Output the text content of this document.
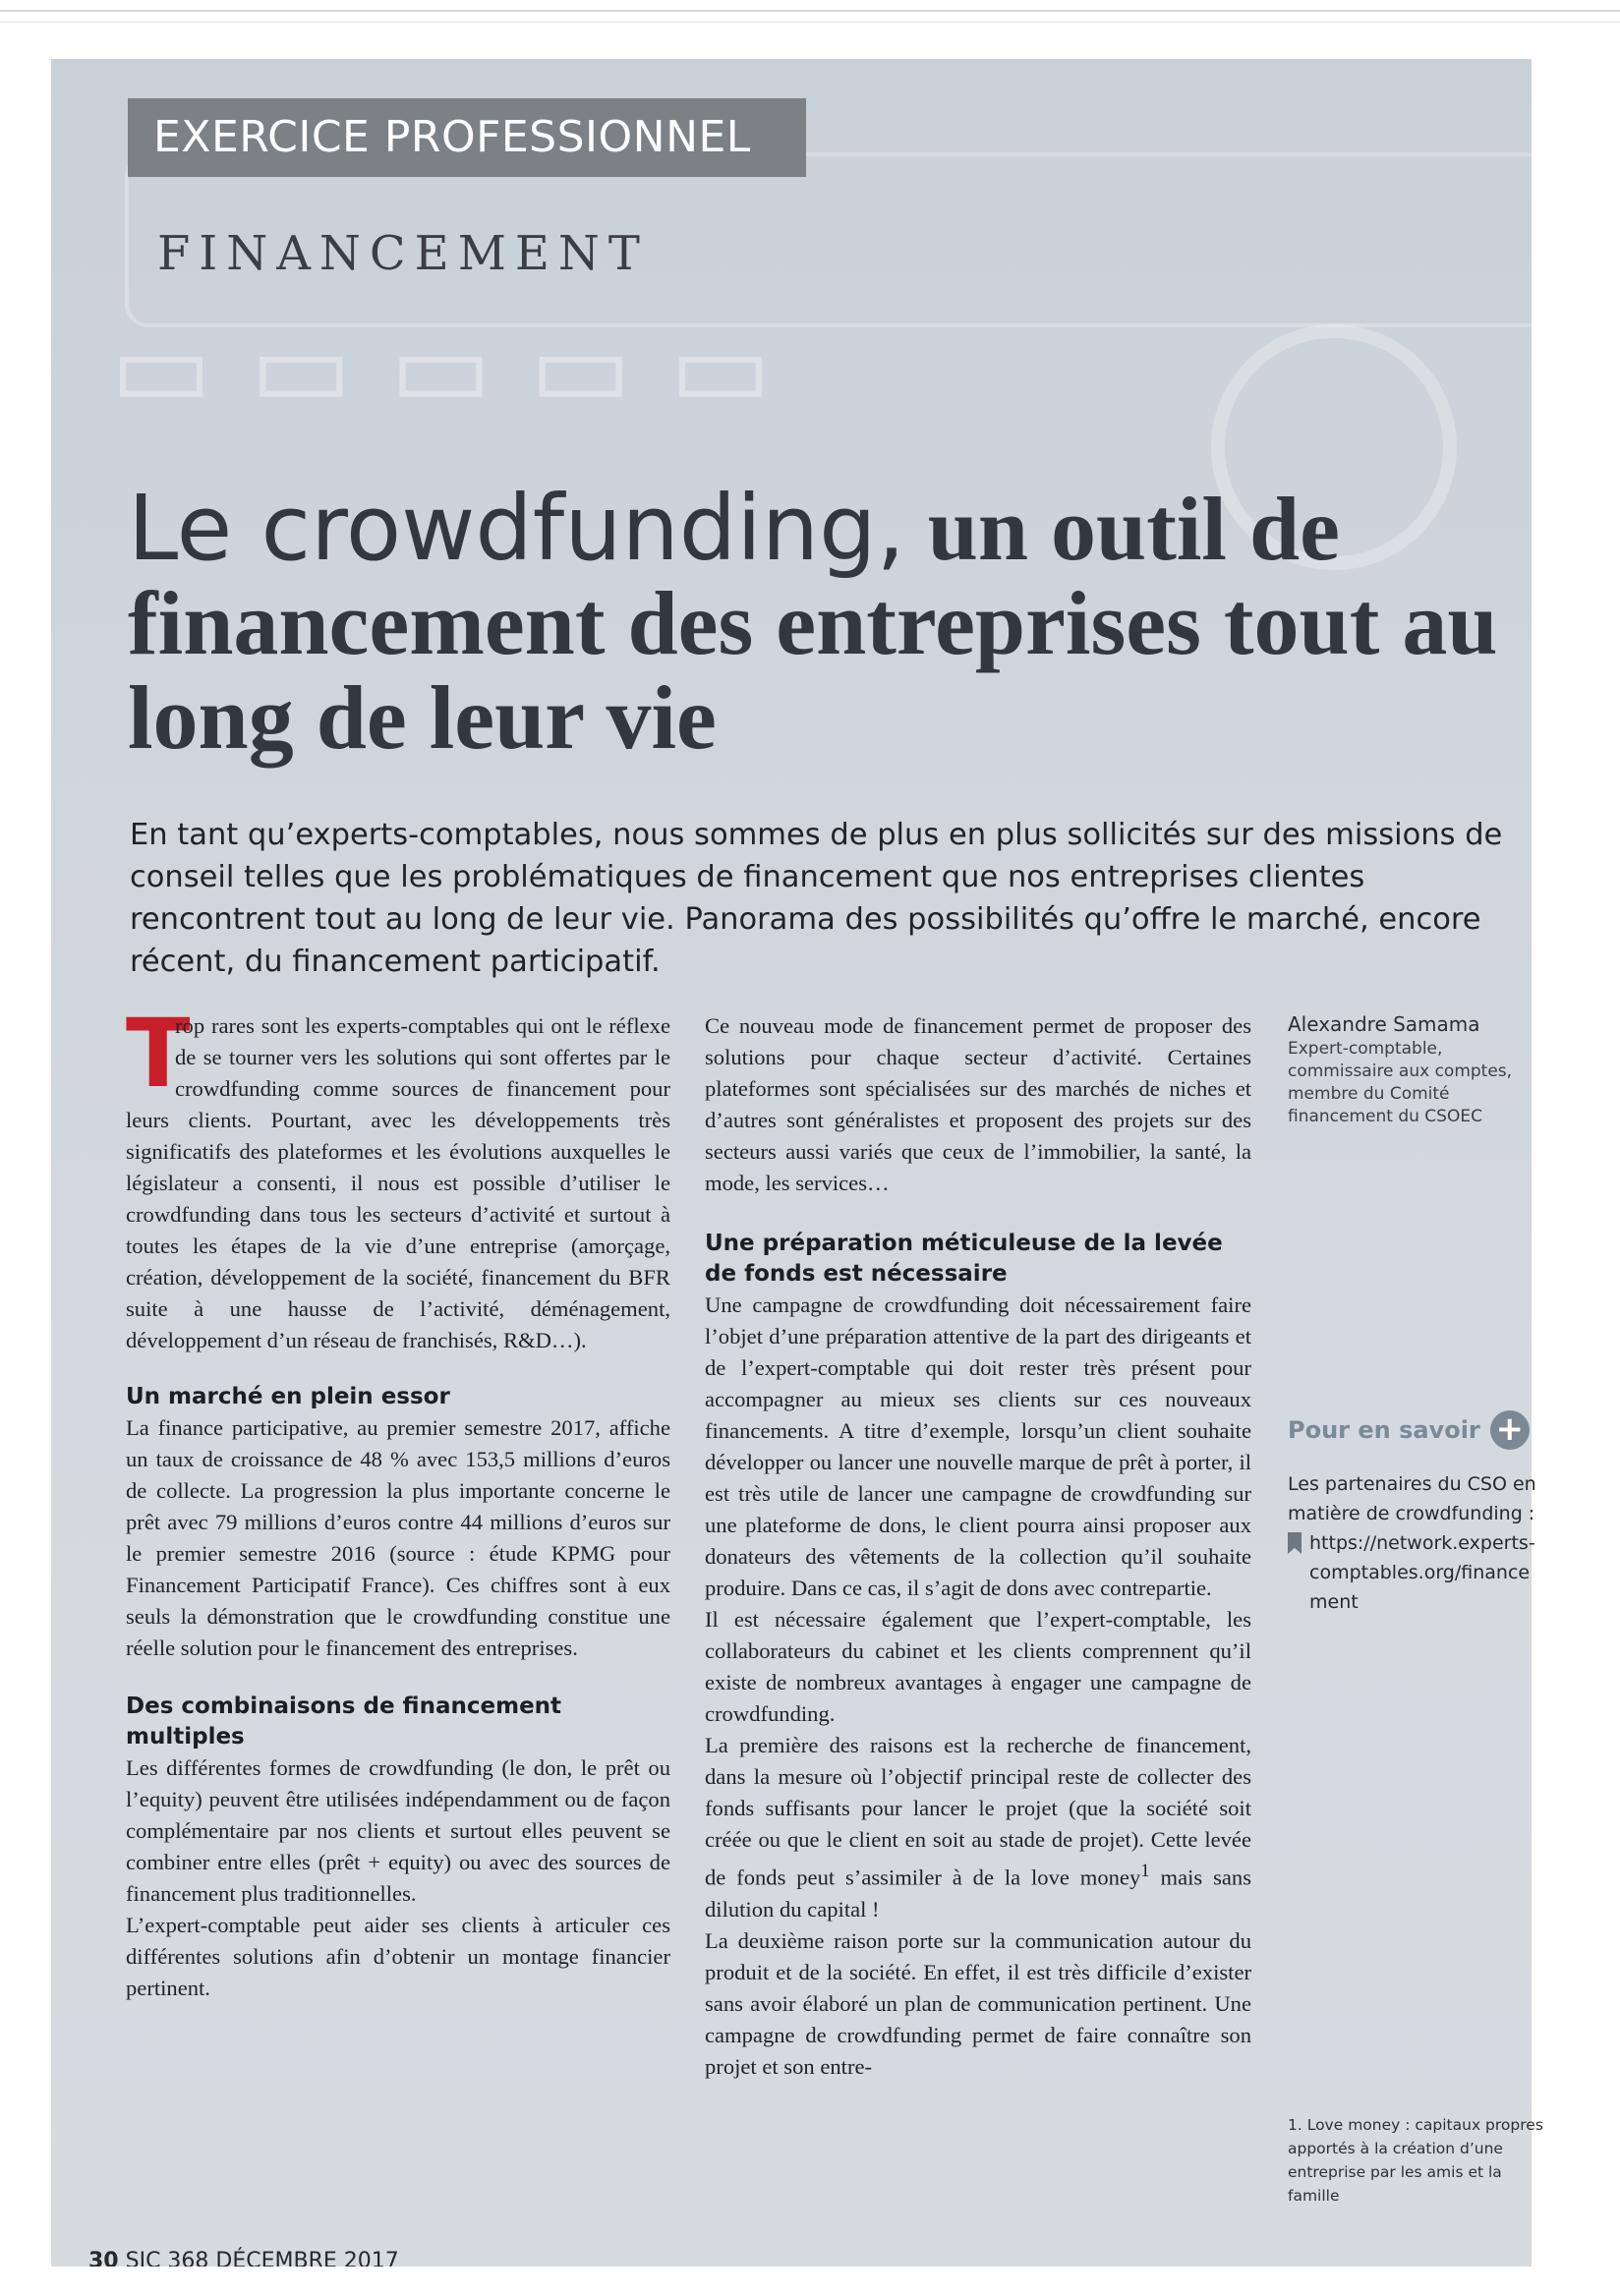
▭ ▭ ▭ ▭ ▭
EXERCICE PROFESSIONNEL
FINANCEMENT
Le crowdfunding, un outil de financement des entreprises tout au long de leur vie
En tant qu’experts-comptables, nous sommes de plus en plus sollicités sur des missions de conseil telles que les problématiques de financement que nos entreprises clientes rencontrent tout au long de leur vie. Panorama des possibilités qu’offre le marché, encore récent, du financement participatif.

T
rop rares sont les experts-comptables qui ont le réflexe de se tourner vers les solutions qui sont offertes par le crowdfunding comme sources de financement pour leurs clients. Pourtant, avec les développements très significatifs des plateformes et les évolutions auxquelles le législateur a consenti, il nous est possible d’utiliser le crowdfunding dans tous les secteurs d’activité et surtout à toutes les étapes de la vie d’une entreprise (amorçage, création, développement de la société, financement du BFR suite à une hausse de l’activité, déménagement, développement d’un réseau de franchisés, R&D…).

Un marché en plein essor

La finance participative, au premier semestre 2017, affiche un taux de croissance de 48 % avec 153,5 millions d’euros de collecte. La progression la plus importante concerne le prêt avec 79 millions d’euros contre 44 millions d’euros sur le premier semestre 2016 (source : étude KPMG pour Financement Participatif France). Ces chiffres sont à eux seuls la démonstration que le crowdfunding constitue une réelle solution pour le financement des entreprises.

Des combinaisons de financement multiples

Les différentes formes de crowdfunding (le don, le prêt ou l’equity) peuvent être utilisées indépendamment ou de façon complémentaire par nos clients et surtout elles peuvent se combiner entre elles (prêt + equity) ou avec des sources de financement plus traditionnelles.

L’expert-comptable peut aider ses clients à articuler ces différentes solutions afin d’obtenir un montage financier pertinent.

Ce nouveau mode de financement permet de proposer des solutions pour chaque secteur d’activité. Certaines plateformes sont spécialisées sur des marchés de niches et d’autres sont généralistes et proposent des projets sur des secteurs aussi variés que ceux de l’immobilier, la santé, la mode, les services…

Une préparation méticuleuse de la levée de fonds est nécessaire

Une campagne de crowdfunding doit nécessairement faire l’objet d’une préparation attentive de la part des dirigeants et de l’expert-comptable qui doit rester très présent pour accompagner au mieux ses clients sur ces nouveaux financements. A titre d’exemple, lorsqu’un client souhaite développer ou lancer une nouvelle marque de prêt à porter, il est très utile de lancer une campagne de crowdfunding sur une plateforme de dons, le client pourra ainsi proposer aux donateurs des vêtements de la collection qu’il souhaite produire. Dans ce cas, il s’agit de dons avec contrepartie.

Il est nécessaire également que l’expert-comptable, les collaborateurs du cabinet et les clients comprennent qu’il existe de nombreux avantages à engager une campagne de crowdfunding.

La première des raisons est la recherche de financement, dans la mesure où l’objectif principal reste de collecter des fonds suffisants pour lancer le projet (que la société soit créée ou que le client en soit au stade de projet). Cette levée de fonds peut s’assimiler à de la love money$^1$ mais sans dilution du capital !

La deuxième raison porte sur la communication autour du produit et de la société. En effet, il est très difficile d’exister sans avoir élaboré un plan de communication pertinent. Une campagne de crowdfunding permet de faire connaître son projet et son entre-

Alexandre Samama
Expert-comptable, commissaire aux comptes, membre du Comité financement du CSOEC
Pour en savoir +
Les partenaires du CSO en matière de crowdfunding :
https://network.experts-comptables.org/financement
1. Love money : capitaux propres apportés à la création d’une entreprise par les amis et la famille
30 SIC 368 DÉCEMBRE 2017
